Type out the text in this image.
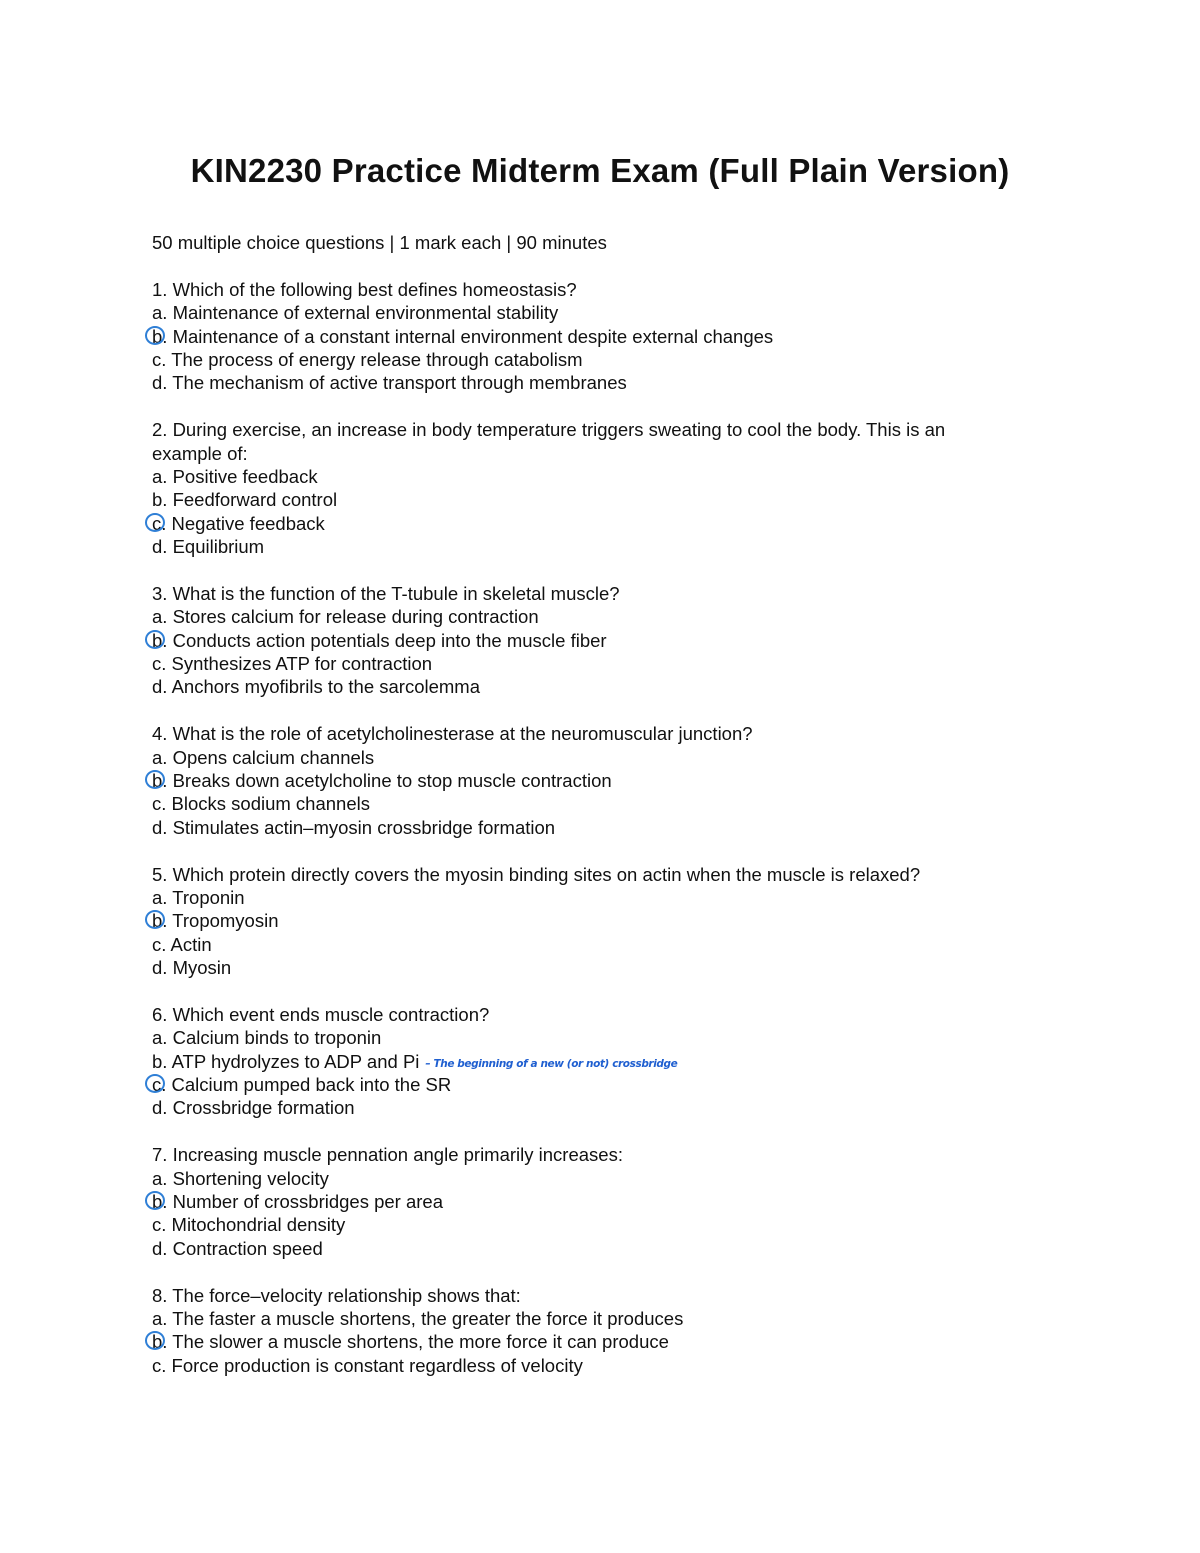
KIN2230 Practice Midterm Exam (Full Plain Version)
50 multiple choice questions | 1 mark each | 90 minutes
1. Which of the following best defines homeostasis?
a. Maintenance of external environmental stability
b. Maintenance of a constant internal environment despite external changes
c. The process of energy release through catabolism
d. The mechanism of active transport through membranes
2. During exercise, an increase in body temperature triggers sweating to cool the body. This is an
example of:
a. Positive feedback
b. Feedforward control
c. Negative feedback
d. Equilibrium
3. What is the function of the T-tubule in skeletal muscle?
a. Stores calcium for release during contraction
b. Conducts action potentials deep into the muscle fiber
c. Synthesizes ATP for contraction
d. Anchors myofibrils to the sarcolemma
4. What is the role of acetylcholinesterase at the neuromuscular junction?
a. Opens calcium channels
b. Breaks down acetylcholine to stop muscle contraction
c. Blocks sodium channels
d. Stimulates actin–myosin crossbridge formation
5. Which protein directly covers the myosin binding sites on actin when the muscle is relaxed?
a. Troponin
b. Tropomyosin
c. Actin
d. Myosin
6. Which event ends muscle contraction?
a. Calcium binds to troponin
b. ATP hydrolyzes to ADP and Pi – The beginning of a new (or not) crossbridge
c. Calcium pumped back into the SR
d. Crossbridge formation
7. Increasing muscle pennation angle primarily increases:
a. Shortening velocity
b. Number of crossbridges per area
c. Mitochondrial density
d. Contraction speed
8. The force–velocity relationship shows that:
a. The faster a muscle shortens, the greater the force it produces
b. The slower a muscle shortens, the more force it can produce
c. Force production is constant regardless of velocity
